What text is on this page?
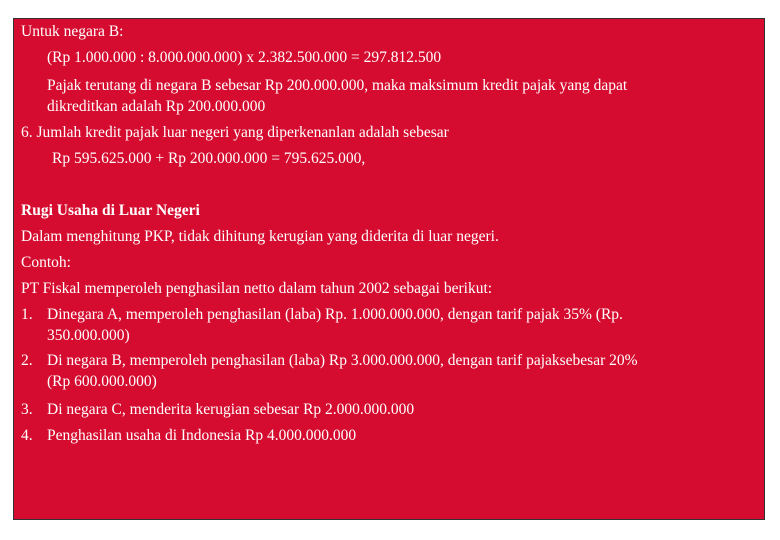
Untuk negara B:
(Rp 1.000.000 : 8.000.000.000) x 2.382.500.000 = 297.812.500
Pajak terutang di negara B sebesar Rp 200.000.000, maka maksimum kredit pajak yang dapat
dikreditkan adalah Rp 200.000.000
6. Jumlah kredit pajak luar negeri yang diperkenanlan adalah sebesar
Rp 595.625.000 + Rp 200.000.000 = 795.625.000,
Rugi Usaha di Luar Negeri
Dalam menghitung PKP, tidak dihitung kerugian yang diderita di luar negeri.
Contoh:
PT Fiskal memperoleh penghasilan netto dalam tahun 2002 sebagai berikut:
1. Dinegara A, memperoleh penghasilan (laba) Rp. 1.000.000.000, dengan tarif pajak 35% (Rp.
350.000.000)
2. Di negara B, memperoleh penghasilan (laba) Rp 3.000.000.000, dengan tarif pajaksebesar 20%
(Rp 600.000.000)
3. Di negara C, menderita kerugian sebesar Rp 2.000.000.000
4. Penghasilan usaha di Indonesia Rp 4.000.000.000
